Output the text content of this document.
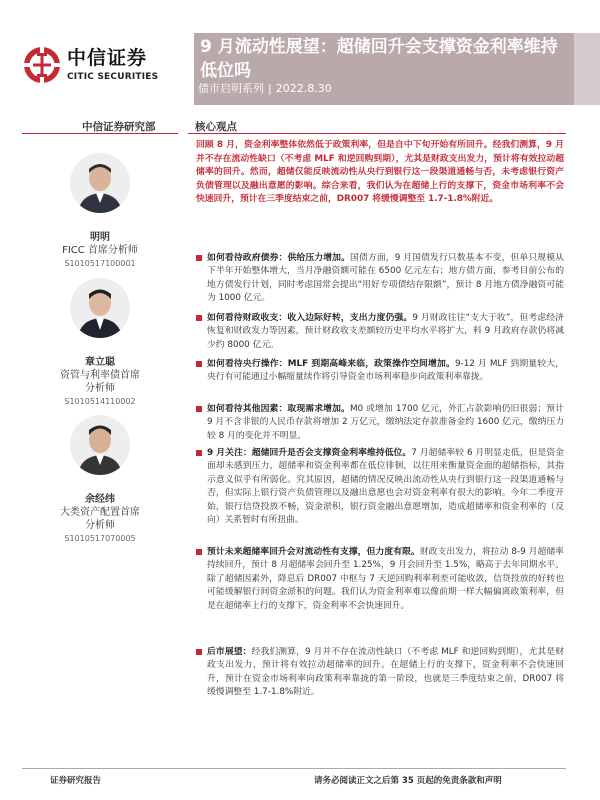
中信证券
CITIC SECURITIES
9 月流动性展望：超储回升会支撑资金利率维持低位吗
债市启明系列 | 2022.8.30
中信证券研究部	核心观点
明明
FICC 首席分析师
S1010517100001
章立聪
资管与利率债首席
分析师
S1010514110002
余经纬
大类资产配置首席
分析师
S1010517070005
回顾 8 月，资金利率整体依然低于政策利率，但是自中下旬开始有所回升。经我们测算，9 月并不存在流动性缺口（不考虑 MLF 和逆回购到期），尤其是财政支出发力，预计将有效拉动超储率的回升。然而，超储仅能反映流动性从央行到银行这一段渠道通畅与否，未考虑银行资产负债管理以及融出意愿的影响。综合来看，我们认为在超储上行的支撑下，资金市场利率不会快速回升，预计在三季度结束之前，DR007 将缓慢调整至 1.7-1.8%附近。
如何看待政府债券：供给压力增加。国债方面，9 月国债发行只数基本不变，但单只规模从下半年开始整体增大，当月净融资额可能在 6500 亿元左右；地方债方面，参考目前公布的地方债发行计划，同时考虑国常会提出“用好专项债结存限额”，预计 8 月地方债净融资可能为 1000 亿元。
如何看待财政收支：收入边际好转，支出力度仍强。9 月财政往往“支大于收”，但考虑经济恢复和财政发力等因素，预计财政收支差额较历史平均水平将扩大，料 9 月政府存款仍将减少约 8000 亿元。
如何看待央行操作：MLF 到期高峰来临，政策操作空间增加。9-12 月 MLF 到期量较大，央行有可能通过小幅缩量续作将引导资金市场利率稳步向政策利率靠拢。
如何看待其他因素：取现需求增加。M0 或增加 1700 亿元，外汇占款影响仍旧很弱；预计 9 月不含非银的人民币存款将增加 2 万亿元，缴纳法定存款准备金约 1600 亿元，缴纳压力较 8 月的变化并不明显。
9 月关注：超储回升是否会支撑资金利率维持低位。7 月超储率较 6 月明显走低，但是资金面却未感到压力，超储率和资金利率都在低位徘徊，以往用来衡量资金面的超储指标，其指示意义似乎有所弱化。究其原因，超储的情况反映出流动性从央行到银行这一段渠道通畅与否，但实际上银行资产负债管理以及融出意愿也会对资金利率有很大的影响。今年二季度开始，银行信贷投放不畅，资金淤积，银行资金融出意愿增加，造成超储率和资金利率的（反向）关系暂时有所扭曲。
预计未来超储率回升会对流动性有支撑，但力度有限。财政支出发力，将拉动 8-9 月超储率持续回升，预计 8 月超储率会回升至 1.25%，9 月会回升至 1.5%，略高于去年同期水平。除了超储因素外，降息后 DR007 中枢与 7 天逆回购利率利差可能收敛，信贷投放的好转也可能缓解银行间资金淤积的问题。我们认为资金利率难以像前期一样大幅偏离政策利率，但是在超储率上行的支撑下，资金利率不会快速回升。
后市展望：经我们测算，9 月并不存在流动性缺口（不考虑 MLF 和逆回购到期），尤其是财政支出发力，预计将有效拉动超储率的回升。在超储上行的支撑下，资金利率不会快速回升，预计在资金市场利率向政策利率靠拢的第一阶段，也就是三季度结束之前，DR007 将缓慢调整至 1.7-1.8%附近。
证券研究报告	请务必阅读正文之后第 35 页起的免责条款和声明
